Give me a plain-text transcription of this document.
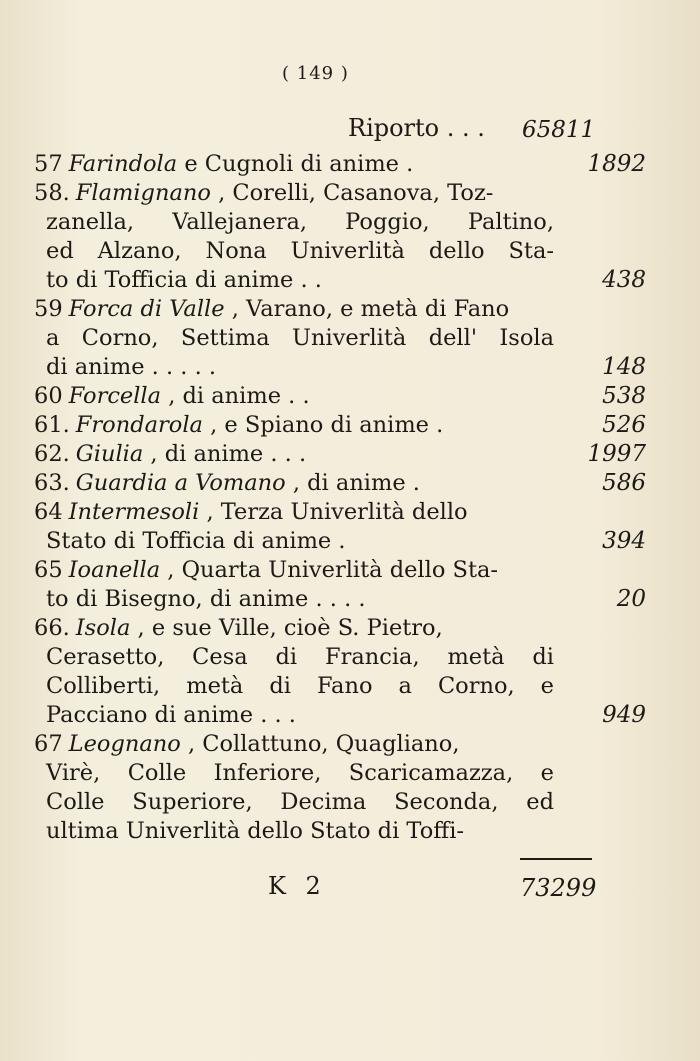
( 149 )
Riporto . . . 65811
57 Farindola e Cugnoli di anime .	1892
58. Flamignano , Corelli, Casanova, Toz-
zanella, Vallejanera, Poggio, Paltino,
ed Alzano, Nona Univerlità dello Sta-
to di Tofficia di anime . .	438
59 Forca di Valle , Varano, e metà di Fano
a Corno, Settima Univerlità dell' Isola
di anime . . . . .	148
60 Forcella , di anime . .	538
61. Frondarola , e Spiano di anime .	526
62. Giulia , di anime . . .	1997
63. Guardia a Vomano , di anime .	586
64 Intermesoli , Terza Univerlità dello
Stato di Tofficia di anime .	394
65 Ioanella , Quarta Univerlità dello Sta-
to di Bisegno, di anime . . . .	20
66. Isola , e sue Ville, cioè S. Pietro,
Cerasetto, Cesa di Francia, metà di
Colliberti, metà di Fano a Corno, e
Pacciano di anime . . .	949
67 Leognano , Collattuno, Quagliano,
Virè, Colle Inferiore, Scaricamazza, e
Colle Superiore, Decima Seconda, ed
ultima Univerlità dello Stato di Toffi-
K 2	73299
